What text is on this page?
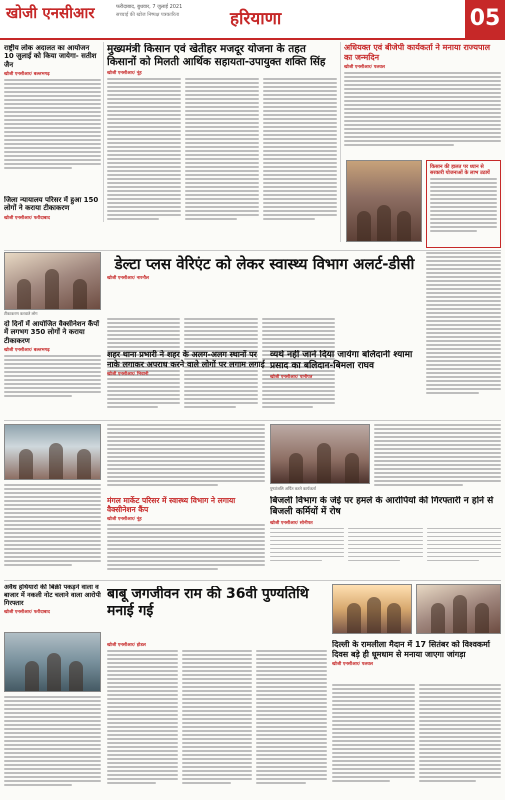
खोजी एनसीआर	फरीदाबाद, बुधवार, 7 जुलाई 2021
सच्चाई की खोज निष्पक्ष पत्रकारिता	हरियाणा	05
राष्ट्रीय लोक अदालत का आयोजन 10 जुलाई को किया जायेगा- सतीश जैन
खोजी एनसीआर/ बल्लभगढ़
मुख्यमंत्री किसान एवं खेतीहर मजदूर योजना के तहत किसानों को मिलती आर्थिक सहायता-उपायुक्त शक्ति सिंह
खोजी एनसीआर/ नूंह
अधियक्त एवं बीजेपी कार्यकर्ता ने मनाया राज्यपाल का जन्मदिन
खोजी एनसीआर/ पलवल
किसान की हालत पर ध्यान से सरकारी योजनाओं के लाभ उठायें
जिला न्यायालय परिसर में हुआ 150 लोगों ने कराया टीकाकरण
खोजी एनसीआर/ फरीदाबाद
टीकाकरण करवाते लोग
डेल्टा प्लस वेरिएंट को लेकर स्वास्थ्य विभाग अलर्ट-डीसी
खोजी एनसीआर/ नारनौल
दो दिनों में आयोजित वैक्सीनेशन कैंपों में लगभग 350 लोगों ने कराया टीकाकरण
खोजी एनसीआर/ बल्लभगढ़	शहर थाना प्रभारी ने शहर के अलग-अलग स्थानों पर नाके लगाकर अपराध करने वाले लोगों पर लगाम लगाई
खोजी एनसीआर/ भिवानी
व्यर्थ नहीं जाने दिया जायेगा बलिदानी श्यामा प्रसाद का बलिदान-बिमला राघव
खोजी एनसीआर/ पानीपत
मंगल मार्केट परिसर में स्वास्थ्य विभाग ने लगाया वैक्सीनेशन कैंप
खोजी एनसीआर/ नूंह
पुष्पांजलि अर्पित करते कार्यकर्ता
बिजली विभाग के जेई पर हमले के आरोपियों की गिरफ्तारी न होने से बिजली कर्मियों में रोष
खोजी एनसीआर/ सोनीपत
अवैध हथियारों की बिक्री पकड़ने वाला व बाजार में नकली नोट चलाने वाला आरोपी गिरफ्तार
खोजी एनसीआर/ फरीदाबाद
बाबू जगजीवन राम की 36वी पुण्यतिथि मनाई गई
खोजी एनसीआर/ होडल	दिल्ली के रामलीला मैदान में 17 सितंबर को विश्वकर्मा दिवस बड़े ही धूमधाम से मनाया जाएगा जांगड़ा
खोजी एनसीआर/ पलवल
